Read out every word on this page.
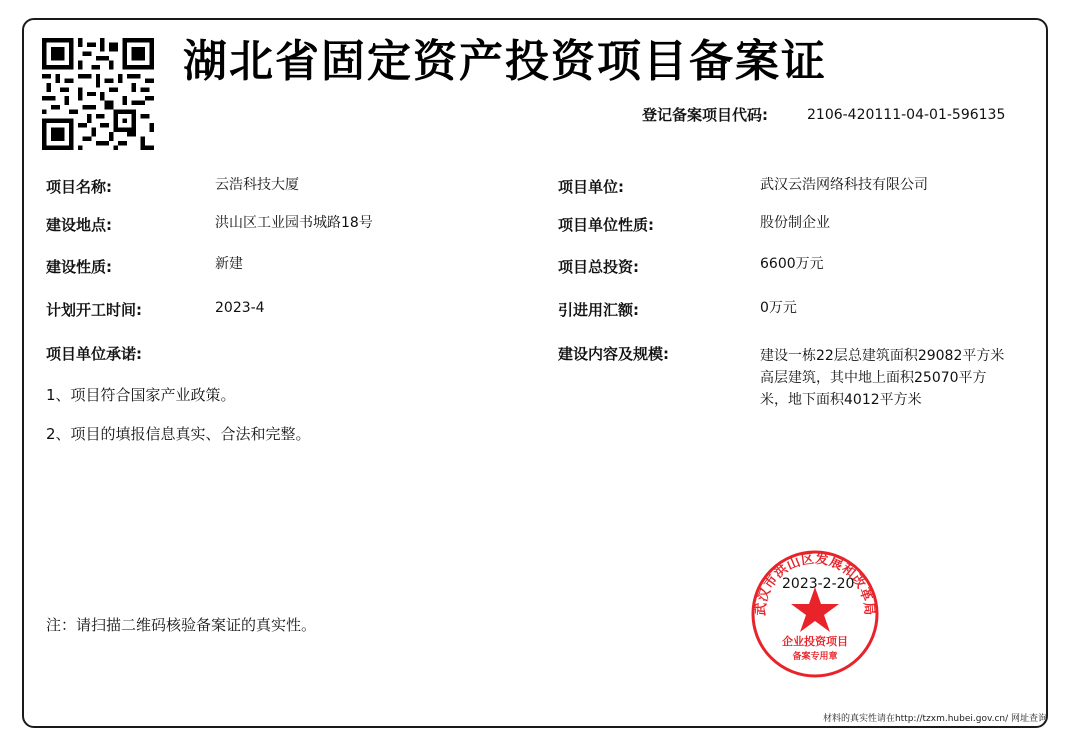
湖北省固定资产投资项目备案证
登记备案项目代码:	2106-420111-04-01-596135
项目名称:	云浩科技大厦
建设地点:	洪山区工业园书城路18号
建设性质:	新建
计划开工时间:	2023-4
项目单位:	武汉云浩网络科技有限公司
项目单位性质:	股份制企业
项目总投资:	6600万元
引进用汇额:	0万元
建设内容及规模:	建设一栋22层总建筑面积29082平方米高层建筑，其中地上面积25070平方米，地下面积4012平方米
项目单位承诺:
1、项目符合国家产业政策。
2、项目的填报信息真实、合法和完整。
注：请扫描二维码核验备案证的真实性。
武汉市洪山区发展和改革局
企业投资项目
备案专用章
2023-2-20
材料的真实性请在http://tzxm.hubei.gov.cn/ 网址查询
